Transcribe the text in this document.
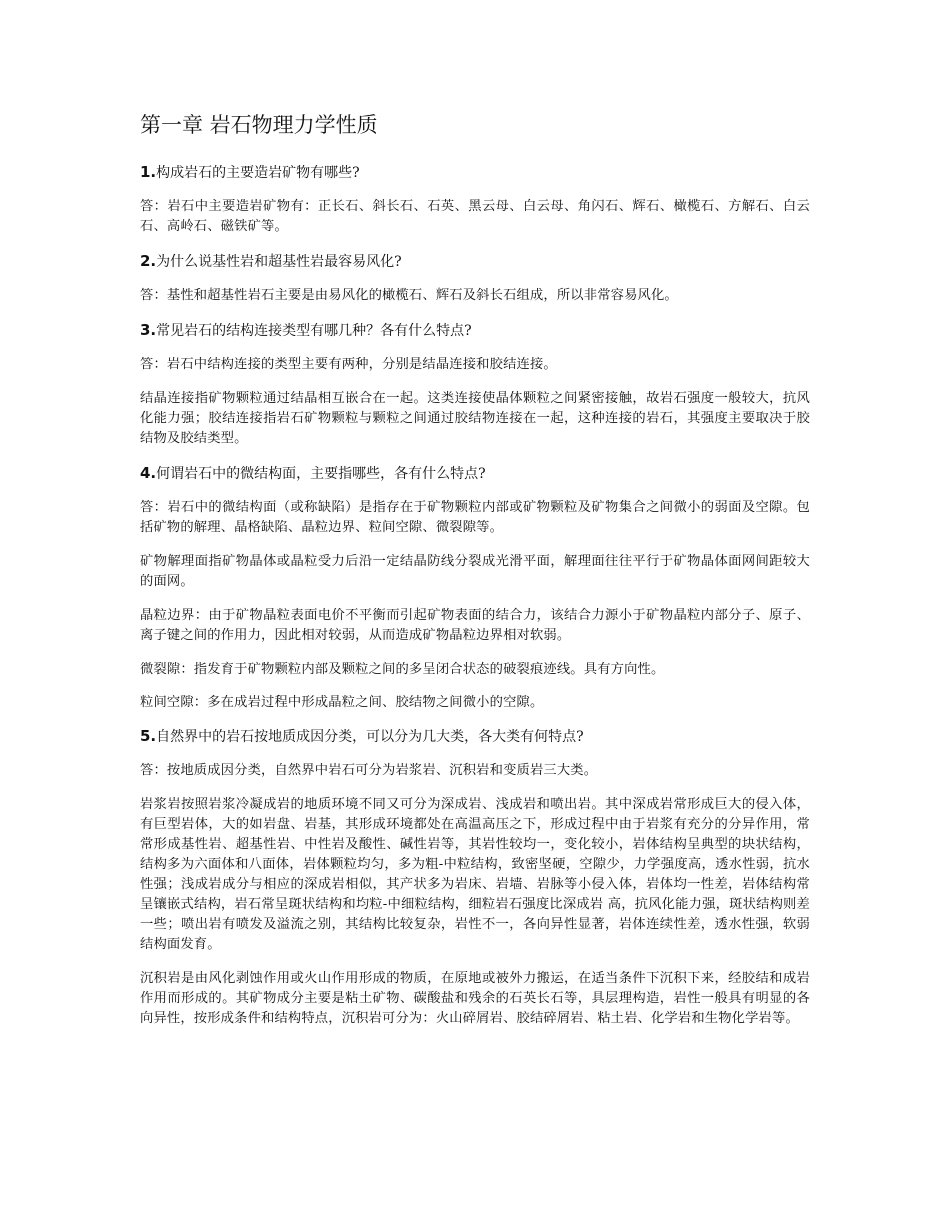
第一章 岩石物理力学性质
1.构成岩石的主要造岩矿物有哪些?
答：岩石中主要造岩矿物有：正长石、斜长石、石英、黑云母、白云母、角闪石、辉石、橄榄石、方解石、白云石、高岭石、磁铁矿等。
2.为什么说基性岩和超基性岩最容易风化?
答：基性和超基性岩石主要是由易风化的橄榄石、辉石及斜长石组成，所以非常容易风化。
3.常见岩石的结构连接类型有哪几种？各有什么特点?
答：岩石中结构连接的类型主要有两种，分别是结晶连接和胶结连接。
结晶连接指矿物颗粒通过结晶相互嵌合在一起。这类连接使晶体颗粒之间紧密接触，故岩石强度一般较大，抗风化能力强；胶结连接指岩石矿物颗粒与颗粒之间通过胶结物连接在一起，这种连接的岩石，其强度主要取决于胶结物及胶结类型。
4.何谓岩石中的微结构面，主要指哪些，各有什么特点?
答：岩石中的微结构面（或称缺陷）是指存在于矿物颗粒内部或矿物颗粒及矿物集合之间微小的弱面及空隙。包括矿物的解理、晶格缺陷、晶粒边界、粒间空隙、微裂隙等。
矿物解理面指矿物晶体或晶粒受力后沿一定结晶防线分裂成光滑平面，解理面往往平行于矿物晶体面网间距较大的面网。
晶粒边界：由于矿物晶粒表面电价不平衡而引起矿物表面的结合力，该结合力源小于矿物晶粒内部分子、原子、离子键之间的作用力，因此相对较弱，从而造成矿物晶粒边界相对软弱。
微裂隙：指发育于矿物颗粒内部及颗粒之间的多呈闭合状态的破裂痕迹线。具有方向性。
粒间空隙：多在成岩过程中形成晶粒之间、胶结物之间微小的空隙。
5.自然界中的岩石按地质成因分类，可以分为几大类，各大类有何特点?
答：按地质成因分类，自然界中岩石可分为岩浆岩、沉积岩和变质岩三大类。
岩浆岩按照岩浆冷凝成岩的地质环境不同又可分为深成岩、浅成岩和喷出岩。其中深成岩常形成巨大的侵入体，有巨型岩体，大的如岩盘、岩基，其形成环境都处在高温高压之下，形成过程中由于岩浆有充分的分异作用，常常形成基性岩、超基性岩、中性岩及酸性、碱性岩等，其岩性较均一，变化较小，岩体结构呈典型的块状结构，结构多为六面体和八面体，岩体颗粒均匀，多为粗-中粒结构，致密坚硬，空隙少，力学强度高，透水性弱，抗水性强；浅成岩成分与相应的深成岩相似，其产状多为岩床、岩墙、岩脉等小侵入体，岩体均一性差，岩体结构常呈镶嵌式结构，岩石常呈斑状结构和均粒-中细粒结构，细粒岩石强度比深成岩 高，抗风化能力强，斑状结构则差一些；喷出岩有喷发及溢流之别，其结构比较复杂，岩性不一，各向异性显著，岩体连续性差，透水性强，软弱结构面发育。
沉积岩是由风化剥蚀作用或火山作用形成的物质，在原地或被外力搬运，在适当条件下沉积下来，经胶结和成岩作用而形成的。其矿物成分主要是粘土矿物、碳酸盐和残余的石英长石等，具层理构造，岩性一般具有明显的各向异性，按形成条件和结构特点，沉积岩可分为：火山碎屑岩、胶结碎屑岩、粘土岩、化学岩和生物化学岩等。
